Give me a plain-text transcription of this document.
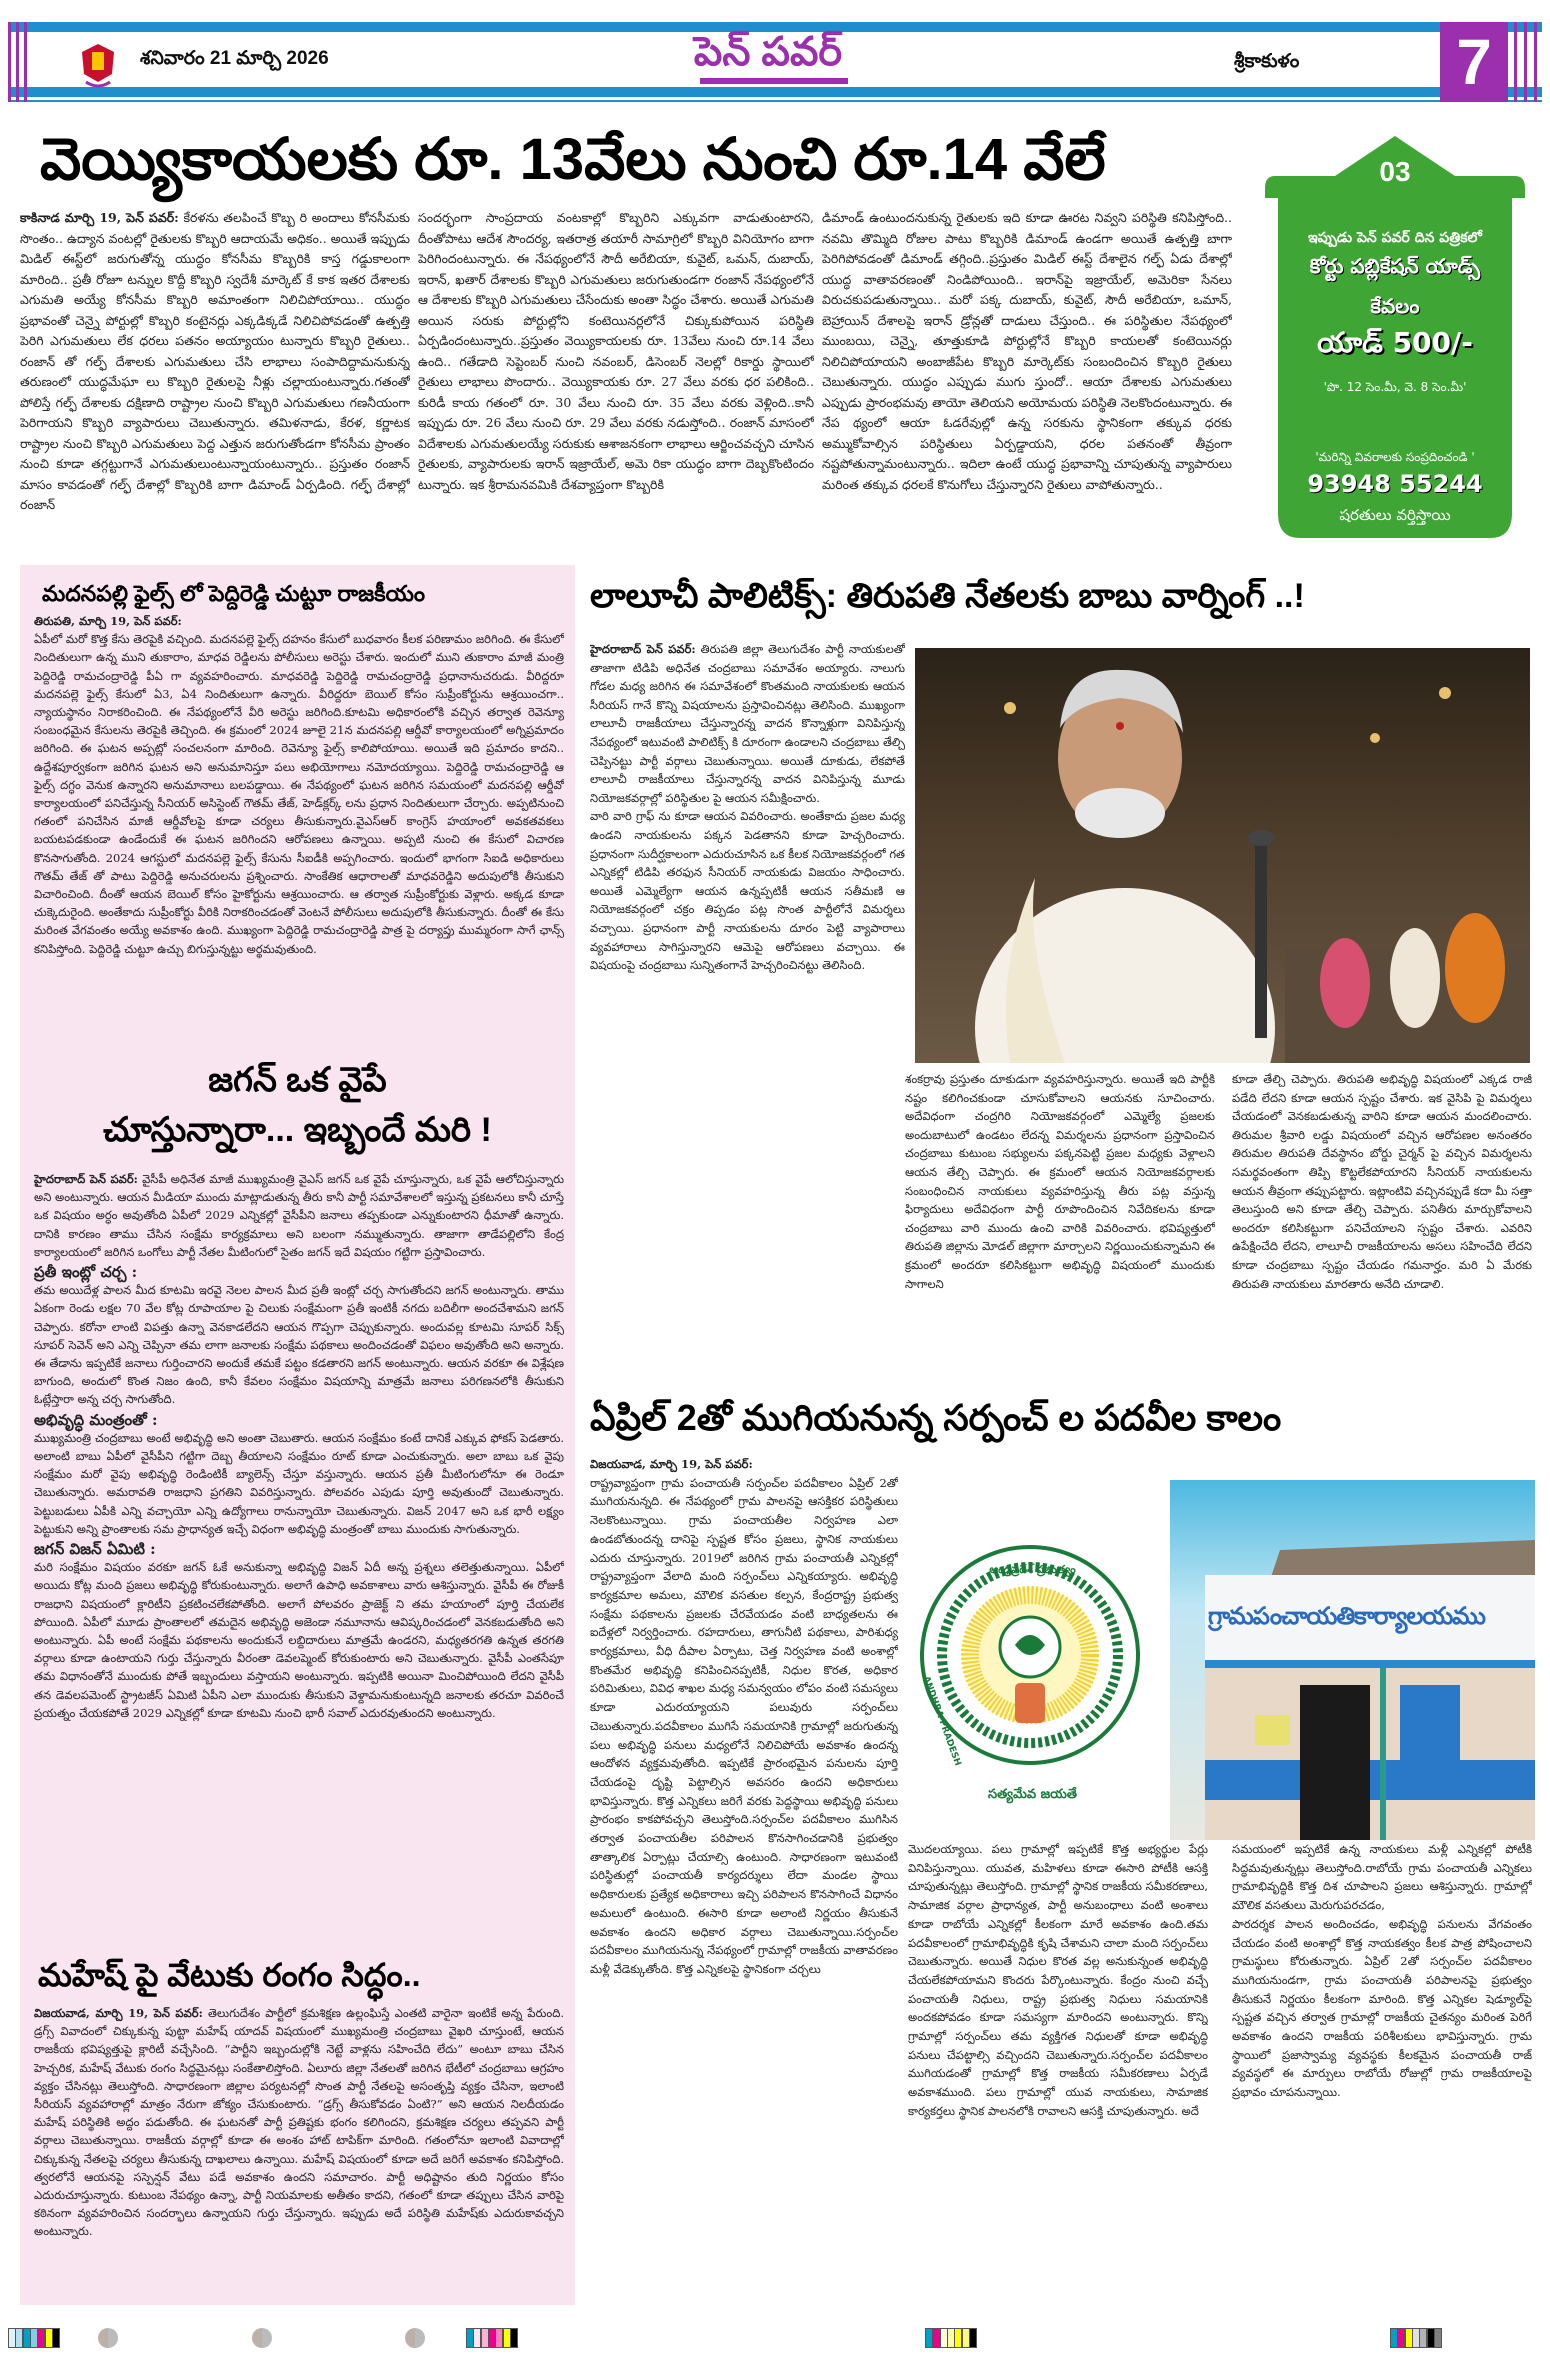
శనివారం 21 మార్చి 2026	పెన్ పవర్	శ్రీకాకుళం 7
వెయ్యికాయలకు రూ. 13వేలు నుంచి రూ.14 వేలే
కాకినాడ మార్చి 19, పెన్ పవర్: కేరళను తలపించే కొబ్బ రి అందాలు కోనసీమకు సొంతం.. ఉద్యాన వంటల్లో రైతులకు కొబ్బరి ఆదాయమే అధికం.. అయితే ఇప్పుడు మిడిల్ ఈస్ట్‌లో జరుగుతోన్న యుద్ధం కోనసీమ కొబ్బరికి కాస్త గడ్డుకాలంగా మారింది.. ప్రతీ రోజూ టన్నుల కొద్దీ కొబ్బరి స్వదేశీ మార్కెట్ కే కాక ఇతర దేశాలకు ఎగుమతి అయ్యే కోనసీమ కొబ్బరి అమాంతంగా నిలిచిపోయాయి.. యుద్ధం ప్రభావంతో చెన్నై పోర్టుల్లో కొబ్బరి కంటైనర్లు ఎక్కడిక్కడే నిలిచిపోవడంతో ఉత్పత్తి పెరిగి ఎగుమతులు లేక ధరలు పతనం అయ్యాయం టున్నారు కొబ్బరి రైతులు.. రంజాన్ తో గల్ఫ్ దేశాలకు ఎగుమతులు చేసి లాభాలు సంపాదిద్దామనుకున్న తరుణంలో యుద్ధమేఘా లు కొబ్బరి రైతులపై నీళ్లు చల్లాయంటున్నారు.గతంతో పోలిస్తే గల్ఫ్ దేశాలకు దక్షిణాది రాష్ట్రాల నుంచి కొబ్బరి ఎగుమతులు గణనీయంగా పెరిగాయని కొబ్బరి వ్యాపారులు చెబుతున్నారు. తమిళనాడు, కేరళ, కర్ణాటక రాష్ట్రాల నుంచి కొబ్బరి ఎగుమతులు పెద్ద ఎత్తున జరుగుతోండగా కోనసీమ ప్రాంతం నుంచి కూడా తగ్గట్టుగానే ఎగుమతులుంటున్నాయంటున్నారు.. ప్రస్తుతం రంజాన్ మాసం కావడంతో గల్ఫ్ దేశాల్లో కొబ్బరికి బాగా డిమాండ్ ఏర్పడింది. గల్ఫ్ దేశాల్లో రంజాన్
సందర్భంగా సాంప్రదాయ వంటకాల్లో కొబ్బరిని ఎక్కువగా వాడుతుంటారని, దీంతోపాటు ఆదేశ సౌందర్య, ఇతరాత్ర తయారీ సామాగ్రిలో కొబ్బరి వినియోగం బాగా పెరిగిందంటున్నారు. ఈ నేపథ్యంలోనే సౌదీ అరేబియా, కువైట్, ఒమన్, దుబాయ్, ఇరాన్, ఖతార్ దేశాలకు కొబ్బరి ఎగుమతులు జరుగుతుండగా రంజాన్ నేపథ్యంలోనే ఆ దేశాలకు కొబ్బరి ఎగుమతులు చేసేందుకు అంతా సిద్ధం చేశారు. అయితే ఎగుమతి అయిన సరుకు పోర్టుల్లోని కంటెయినర్లలోనే చిక్కుకుపోయిన పరిస్థితి ఏర్పడిందంటున్నారు..ప్రస్తుతం వెయ్యికాయలకు రూ. 13వేలు నుంచి రూ.14 వేలు ఉంది.. గతేడాది సెప్టెంబర్ నుంచి నవంబర్, డిసెంబర్ నెలల్లో రికార్డు స్థాయిలో రైతులు లాభాలు పొందారు.. వెయ్యికాయకు రూ. 27 వేలు వరకు ధర పలికింది.. కురిడీ కాయ గతంలో రూ. 30 వేలు నుంచి రూ. 35 వేలు వరకు వెళ్లింది..కానీ ఇప్పుడు రూ. 26 వేలు నుంచి రూ. 29 వేలు వరకు నడుస్తోంది.. రంజాన్ మాసంలో విదేశాలకు ఎగుమతులయ్యే సరుకుకు ఆశాజనకంగా లాభాలు ఆర్జించవచ్చని చూసిన రైతులకు, వ్యాపారులకు ఇరాన్ ఇజ్రాయేల్, అమె రికా యుద్ధం బాగా దెబ్బకొంటిందం టున్నారు. ఇక శ్రీరామనవమికి దేశవ్యాప్తంగా కొబ్బరికి
డిమాండ్ ఉంటుందనుకున్న రైతులకు ఇది కూడా ఊరట నివ్వని పరిస్థితి కనిపిస్తోంది.. నవమి తొమ్మిది రోజుల పాటు కొబ్బరికి డిమాండ్ ఉండగా అయితే ఉత్పత్తి బాగా పెరిగిపోవడంతో డిమాండ్ తగ్గింది..ప్రస్తుతం మిడిల్ ఈస్ట్ దేశాలైన గల్ఫ్ ఏడు దేశాల్లో యుద్ధ వాతావరణంతో నిండిపోయింది.. ఇరాన్‌పై ఇజ్రాయేల్, అమెరికా సేనలు విరుచకుపడుతున్నాయి.. మరో పక్క దుబాయ్, కువైట్, సౌదీ అరేబియా, ఒమాన్, బెహ్రాయిన్ దేశాలపై ఇరాన్ డ్రోన్లతో దాడులు చేస్తుంది.. ఈ పరిస్థితుల నేపథ్యంలో ముంబయి, చెన్నై, తూత్తుకూడి పోర్టుల్లోనే కొబ్బరి కాయలతో కంటెయినర్లు నిలిచిపోయాయని అంబాజీపేట కొబ్బరి మార్కెట్‌కు సంబందించిన కొబ్బరి రైతులు చెబుతున్నారు. యుద్ధం ఎప్పుడు ముగు స్తుందో.. ఆయా దేశాలకు ఎగుమతులు ఎప్పుడు ప్రారంభమవు తాయో తెలియని అయోమయ పరిస్థితి నెలకొందంటున్నారు. ఈ నేప థ్యంలో ఆయా ఓడరేవుల్లో ఉన్న సరకును స్థానికంగా తక్కువ ధరకు అమ్ముకోవాల్సిన పరిస్థితులు ఏర్పడ్డాయని, ధరల పతనంతో తీవ్రంగా నష్టపోతున్నామంటున్నారు.. ఇదిలా ఉంటే యుద్ధ ప్రభావాన్ని చూపుతున్న వ్యాపారులు మరింత తక్కువ ధరలకే కొనుగోలు చేస్తున్నారని రైతులు వాపోతున్నారు..
03
ఇప్పుడు పెన్ పవర్ దిన పత్రికలో
కోర్టు పబ్లికేషన్ యాడ్స్
కేవలం
యాడ్ 500/-
'పొ. 12 సెం.మీ, వె. 8 సెం.మీ'
'మరిన్ని వివరాలకు సంప్రదించండి '
93948 55244
షరతులు వర్తిస్తాయి
మదనపల్లి ఫైల్స్ లో పెద్దిరెడ్డి చుట్టూ రాజకీయం
తిరుపతి, మార్చి 19, పెన్ పవర్:
ఏపీలో మరో కొత్త కేసు తెరపైకి వచ్చింది. మదనపల్లె ఫైల్స్ దహనం కేసులో బుధవారం కీలక పరిణామం జరిగింది. ఈ కేసులో నిందితులుగా ఉన్న ముని తుకారాం, మాధవ రెడ్డిలను పోలీసులు అరెస్టు చేశారు. ఇందులో ముని తుకారాం మాజీ మంత్రి పెద్దిరెడ్డి రామచంద్రారెడ్డి పీఏ గా వ్యవహరించారు. మాధవరెడ్డి పెద్దిరెడ్డి రామచంద్రారెడ్డి ప్రధానానుచరుడు. వీరిద్దరూ మదనపల్లె ఫైల్స్ కేసులో ఏ3, ఏ4 నిందితులుగా ఉన్నారు. వీరిద్దరూ బెయిల్ కోసం సుప్రీంకోర్టును ఆశ్రయించగా.. న్యాయస్థానం నిరాకరించింది. ఈ నేపథ్యంలోనే వీరి అరెస్టు జరిగింది.కూటమి అధికారంలోకి వచ్చిన తర్వాత రెవెన్యూ సంబంధమైన కేసులను తెరపైకి తెచ్చింది. ఈ క్రమంలో 2024 జూలై 21న మదనపల్లి ఆర్డీవో కార్యాలయంలో అగ్నిప్రమాదం జరిగింది. ఈ ఘటన అప్పట్లో సంచలనంగా మారింది. రెవెన్యూ ఫైల్స్ కాలిపోయాయి. అయితే ఇది ప్రమాదం కాదని.. ఉద్దేశపూర్వకంగా జరిగిన ఘటన అని అనుమానిస్తూ పలు అభియోగాలు నమోదయ్యాయి. పెద్దిరెడ్డి రామచంద్రారెడ్డి ఆ ఫైల్స్ దగ్ధం వెనుక ఉన్నారని అనుమానాలు బలపడ్డాయి. ఈ నేపథ్యంలో ఘటన జరిగిన సమయంలో మదనపల్లి ఆర్డీవో కార్యాలయంలో పనిచేస్తున్న సీనియర్ అసిస్టెంట్ గౌతమ్ తేజ్, హెడ్‌క్లర్క్ లను ప్రధాన నిందితులుగా చేర్చారు. అప్పటినుంచి గతంలో పనిచేసిన మాజీ ఆర్డీవోలపై కూడా చర్యలు తీసుకున్నారు.వైఎస్ఆర్ కాంగ్రెస్ హయాంలో అవకతవకలు బయటపడకుండా ఉండేందుకే ఈ ఘటన జరిగిందని ఆరోపణలు ఉన్నాయి. అప్పటి నుంచి ఈ కేసులో విచారణ కొనసాగుతోంది. 2024 ఆగస్టులో మదనపల్లె ఫైల్స్ కేసును సీఐడీకి అప్పగించారు. ఇందులో భాగంగా సిఐడి అధికారులు గౌతమ్ తేజ్ తో పాటు పెద్దిరెడ్డి అనుచరులను ప్రశ్నించారు. సాంకేతిక ఆధారాలతో మాధవరెడ్డిని అదుపులోకి తీసుకుని విచారించింది. దీంతో ఆయన బెయిల్ కోసం హైకోర్టును ఆశ్రయించారు. ఆ తర్వాత సుప్రీంకోర్టుకు వెళ్లారు. అక్కడ కూడా చుక్కెదురైంది. అంతేకాదు సుప్రీంకోర్టు వీరికి నిరాకరించడంతో వెంటనే పోలీసులు అదుపులోకి తీసుకున్నారు. దీంతో ఈ కేసు మరింత వేగవంతం అయ్యే అవకాశం ఉంది. ముఖ్యంగా పెద్దిరెడ్డి రామచంద్రారెడ్డి పాత్ర పై దర్యాప్తు ముమ్మరంగా సాగే ఛాన్స్ కనిపిస్తోంది. పెద్దిరెడ్డి చుట్టూ ఉచ్చు బిగుస్తున్నట్టు అర్థమవుతుంది.
జగన్ ఒక వైపే
చూస్తున్నారా... ఇబ్బందే మరి !
హైదరాబాద్ పెన్ పవర్: వైసీపీ అధినేత మాజీ ముఖ్యమంత్రి వైఎస్ జగన్ ఒక వైపే చూస్తున్నారు, ఒక వైపే ఆలోచిస్తున్నారు అని అంటున్నారు. ఆయన మీడియా ముందు మాట్లాడుతున్న తీరు కానీ పార్టీ సమావేశాలలో ఇస్తున్న ప్రకటనలు కానీ చూస్తే ఒక విషయం అర్ధం అవుతోంది ఏపీలో 2029 ఎన్నికల్లో వైసీపీని జనాలు తప్పకుండా ఎన్నుకుంటారని ధీమాతో ఉన్నారు. దానికి కారణం తాము చేసిన సంక్షేమ కార్యక్రమాలు అని బలంగా నమ్ముతున్నారు. తాజాగా తాడేపల్లిలోని కేంద్ర కార్యాలయంలో జరిగిన ఒంగోలు పార్టీ నేతల మీటింగులో సైతం జగన్ ఇదే విషయం గట్టిగా ప్రస్తావించారు.
ప్రతీ ఇంట్లో చర్చ :
తమ అయిదేళ్ల పాలన మీద కూటమి ఇరవై నెలల పాలన మీద ప్రతీ ఇంట్లో చర్చ సాగుతోందని జగన్ అంటున్నారు. తాము ఏకంగా రెండు లక్షల 70 వేల కోట్ల రూపాయాల పై చిలుకు సంక్షేమంగా ప్రతీ ఇంటికీ నగదు బదిలీగా అందచేశామని జగన్ చెప్పారు. కరోనా లాంటి విపత్తు ఉన్నా వెనకాడలేదని ఆయన గొప్పగా చెప్పుకున్నారు. అందువల్ల కూటమి సూపర్ సిక్స్ సూపర్ సెవెన్ అని ఎన్ని చెప్పినా తమ లాగా జనాలకు సంక్షేమ పథకాలు అందించడంతో విఫలం అవుతోంది అని అన్నారు. ఈ తేడాను ఇప్పటికే జనాలు గుర్తించారని అందుకే తమకే పట్టం కడతారని జగన్ అంటున్నారు. ఆయన వరకూ ఈ విశ్లేషణ బాగుంది, అందులో కొంత నిజం ఉంది, కానీ కేవలం సంక్షేమం విషయాన్ని మాత్రమే జనాలు పరిగణనలోకి తీసుకుని ఓట్లేస్తారా అన్న చర్చ సాగుతోంది.
అభివృద్ధి మంత్రంతో :
ముఖ్యమంత్రి చంద్రబాబు అంటే అభివృద్ధి అని అంతా చెబుతారు. ఆయన సంక్షేమం కంటే దానికే ఎక్కువ ఫోకస్ పెడతారు. అలాంటి బాబు ఏపీలో వైసీపీని గట్టిగా దెబ్బ తీయాలని సంక్షేమం రూట్ కూడా ఎంచుకున్నారు. అలా బాబు ఒక వైపు సంక్షేమం మరో వైపు అభివృద్ధి రెండింటికీ బ్యాలెన్స్ చేస్తూ వస్తున్నారు. ఆయన ప్రతీ మీటింగులోనూ ఈ రెండూ చెబుతున్నారు. అమరావతి రాజధాని ప్రగతిని వివరిస్తున్నారు. పోలవరం ఎపుడు పూర్తి అవుతుందో చెబుతున్నారు. పెట్టుబడులు ఏపీకి ఎన్ని వచ్చాయో ఎన్ని ఉద్యోగాలు రానున్నాయో చెబుతున్నారు. విజన్ 2047 అని ఒక భారీ లక్ష్యం పెట్టుకుని అన్ని ప్రాంతాలకు సమ ప్రాధాన్యత ఇచ్చే విధంగా అభివృద్ధి మంత్రంతో బాబు ముందుకు సాగుతున్నారు.
జగన్ విజన్ ఏమిటి :
మరి సంక్షేమం విషయం వరకూ జగన్ ఓకే అనుకున్నా అభివృద్ధి విజన్ ఏదీ అన్న ప్రశ్నలు తలెత్తుతున్నాయి. ఏపీలో అయిదు కోట్ల మంది ప్రజలు అభివృద్ధి కోరుకుంటున్నారు. అలాగే ఉపాధి అవకాశాలు వారు ఆశిస్తున్నారు. వైసీపీ ఈ రోజుకీ రాజధాని విషయంలో క్లారిటీని ప్రకటించలేకపోతోంది. అలాగే పోలవరం ప్రాజెక్ట్ ని తమ హయాంలో పూర్తి చేయలేక పోయింది. ఏపీలో మూడు ప్రాంతాలలో తమదైన అభివృద్ధి అజెండా నమూనాను ఆవిష్కరించడంలో వెనకబడుతోంది అని అంటున్నారు. ఏపీ అంటే సంక్షేమ పథకాలను అందుకునే లబ్దిదారులు మాత్రమే ఉండరని, మధ్యతరగతి ఉన్నత తరగతి వర్గాలు కూడా ఉంటాయని గుర్తు చేస్తున్నారు వీరంతా డెవలప్మెంట్ కోరుకుంటారు అని చెబుతున్నారు. వైసీపీ ఎంతసేపూ తమ విధానంతోనే ముందుకు పోతే ఇబ్బందులు వస్తాయని అంటున్నారు. ఇప్పటికి అయినా మించిపోయింది లేదని వైసీపీ తన డెవలపమెంట్ స్ట్రాటజీస్ ఏమిటి ఏపీని ఎలా ముందుకు తీసుకుని వెళ్దామనుకుంటున్నది జనాలకు తరచూ వివరించే ప్రయత్నం చేయకపోతే 2029 ఎన్నికల్లో కూడా కూటమి నుంచి భారీ సవాల్ ఎదురవుతుందని అంటున్నారు.
మహేష్ పై వేటుకు రంగం సిద్ధం..
విజయవాడ, మార్చి 19, పెన్ పవర్: తెలుగుదేశం పార్టీలో క్రమశిక్షణ ఉల్లంఘిస్తే ఎంతటి వారైనా ఇంటికే అన్న పేరుంది. డ్రగ్స్ వివాదంలో చిక్కుకున్న పుట్టా మహేష్ యాదవ్ విషయంలో ముఖ్యమంత్రి చంద్రబాబు వైఖరి చూస్తుంటే, ఆయన రాజకీయ భవిష్యత్తుపై క్లారిటీ వచ్చేసింది. “పార్టీని ఇబ్బందుల్లోకి నెట్టే వాళ్లను సహించేది లేదు” అంటూ బాబు చేసిన హెచ్చరిక, మహేష్ వేటుకు రంగం సిద్ధమైనట్లు సంకేతాలిస్తోంది. ఏలూరు జిల్లా నేతలతో జరిగిన భేటీలో చంద్రబాబు ఆగ్రహం వ్యక్తం చేసినట్లు తెలుస్తోంది. సాధారణంగా జిల్లాల పర్యటనల్లో సొంత పార్టీ నేతలపై అసంతృప్తి వ్యక్తం చేసినా, ఇలాంటి సీరియస్ వ్యవహారాల్లో మాత్రం నేరుగా జోక్యం చేసుకుంటారు. “డ్రగ్స్ తీసుకోవడం ఏంటి?” అని ఆయన నిలదీయడం మహేష్ పరిస్థితికి అద్దం పడుతోంది. ఈ ఘటనతో పార్టీ ప్రతిష్టకు భంగం కలిగిందని, క్రమశిక్షణ చర్యలు తప్పవని పార్టీ వర్గాలు చెబుతున్నాయి. రాజకీయ వర్గాల్లో కూడా ఈ అంశం హాట్ టాపిక్‌గా మారింది. గతంలోనూ ఇలాంటి వివాదాల్లో చిక్కుకున్న నేతలపై చర్యలు తీసుకున్న దాఖలాలు ఉన్నాయి. మహేష్ విషయంలో కూడా అదే జరిగే అవకాశం కనిపిస్తోంది. త్వరలోనే ఆయనపై సస్పెన్షన్ వేటు పడే అవకాశం ఉందని సమాచారం. పార్టీ అధిష్టానం తుది నిర్ణయం కోసం ఎదురుచూస్తున్నారు. కుటుంబ నేపథ్యం ఉన్నా, పార్టీ నియమాలకు అతీతం కాదని, గతంలో కూడా తప్పులు చేసిన వారిపై కఠినంగా వ్యవహరించిన సందర్భాలు ఉన్నాయని గుర్తు చేస్తున్నారు. ఇప్పుడు అదే పరిస్థితి మహేష్‌కు ఎదురుకావచ్చని అంటున్నారు.
లాలూచీ పాలిటిక్స్: తిరుపతి నేతలకు బాబు వార్నింగ్ ..!
హైదరాబాద్ పెన్ పవర్: తిరుపతి జిల్లా తెలుగుదేశం పార్టీ నాయకులతో తాజాగా టిడిపి అధినేత చంద్రబాబు సమావేశం అయ్యారు. నాలుగు గోడల మధ్య జరిగిన ఈ సమావేశంలో కొంతమంది నాయకులకు ఆయన సీరియస్ గానే కొన్ని విషయాలను ప్రస్తావించినట్లు తెలిసింది. ముఖ్యంగా లాలూచీ రాజకీయాలు చేస్తున్నారన్న వాదన కొన్నాళ్లుగా వినిపిస్తున్న నేపథ్యంలో ఇటువంటి పాలిటిక్స్ కి దూరంగా ఉండాలని చంద్రబాబు తేల్చి చెప్పినట్టు పార్టీ వర్గాలు చెబుతున్నాయి. అయితే దూకుడు, లేకపోతే లాలూచీ రాజకీయాలు చేస్తున్నారన్న వాదన వినిపిస్తున్న మూడు నియోజకవర్గాల్లో పరిస్థితుల పై ఆయన సమీక్షించారు.
వారి వారి గ్రాఫ్ ను కూడా ఆయన వివరించారు. అంతేకాదు ప్రజల మధ్య ఉండని నాయకులను పక్కన పెడతానని కూడా హెచ్చరించారు. ప్రధానంగా సుదీర్ఘకాలంగా ఎదురుచూసిన ఒక కీలక నియోజకవర్గంలో గత ఎన్నికల్లో టిడిపి తరఫున సీనియర్ నాయకుడు విజయం సాధించారు. అయితే ఎమ్మెల్యేగా ఆయన ఉన్నప్పటికీ ఆయన సతీమణి ఆ నియోజకవర్గంలో చక్రం తిప్పడం పట్ల సొంత పార్టీలోనే విమర్శలు వచ్చాయి. ప్రధానంగా పార్టీ నాయకులను దూరం పెట్టి వ్యాపారాలు వ్యవహారాలు సాగిస్తున్నారని ఆమెపై ఆరోపణలు వచ్చాయి. ఈ విషయంపై చంద్రబాబు సున్నితంగానే హెచ్చరించినట్టు తెలిసింది.
శంకర్రావు ప్రస్తుతం దూకుడుగా వ్యవహరిస్తున్నారు. అయితే ఇది పార్టీకి నష్టం కలిగించకుండా చూసుకోవాలని ఆయనకు సూచించారు. అదేవిధంగా చంద్రగిరి నియోజకవర్గంలో ఎమ్మెల్యే ప్రజలకు అందుబాటులో ఉండటం లేదన్న విమర్శలను ప్రధానంగా ప్రస్తావించిన చంద్రబాబు కుటుంబ సభ్యులను పక్కనపెట్టి ప్రజల మధ్యకు వెళ్లాలని ఆయన తేల్చి చెప్పారు. ఈ క్రమంలో ఆయన నియోజకవర్గాలకు సంబంధించిన నాయకులు వ్యవహరిస్తున్న తీరు పట్ల వస్తున్న ఫిర్యాదులు అదేవిధంగా పార్టీ రూపొందించిన నివేదికలను కూడా చంద్రబాబు వారి ముందు ఉంచి వారికి వివరించారు. భవిష్యత్తులో తిరుపతి జిల్లాను మోడల్ జిల్లాగా మార్చాలని నిర్ణయించుకున్నామని ఈ క్రమంలో అందరూ కలిసికట్టుగా అభివృద్ధి విషయంలో ముందుకు సాగాలని
కూడా తేల్చి చెప్పారు. తిరుపతి అభివృద్ధి విషయంలో ఎక్కడ రాజీ పడేది లేదని కూడా ఆయన స్పష్టం చేశారు. ఇక వైసిపి పై విమర్శలు చేయడంలో వెనకబడుతున్న వారిని కూడా ఆయన మందలించారు. తిరుమల శ్రీవారి లడ్డు విషయంలో వచ్చిన ఆరోపణల అనంతరం తిరుమల తిరుపతి దేవస్థానం బోర్డు చైర్మన్ పై వచ్చిన విమర్శలను సమర్థవంతంగా తిప్పి కొట్టలేకపోయారని సీనియర్ నాయకులను ఆయన తీవ్రంగా తప్పుపట్టారు. ఇట్లాంటివి వచ్చినప్పుడే కదా మీ సత్తా తెలుస్తుంది అని కూడా తేల్చి చెప్పారు. పనితీరు మార్చుకోవాలని అందరూ కలిసికట్టుగా పనిచేయాలని స్పష్టం చేశారు. ఎవరిని ఉపేక్షించేది లేదని, లాలూచీ రాజకీయాలను అసలు సహించేది లేదని కూడా చంద్రబాబు స్పష్టం చేయడం గమనార్హం. మరి ఏ మేరకు తిరుపతి నాయకులు మారతారు అనేది చూడాలి.
ఏప్రిల్ 2తో ముగియనున్న సర్పంచ్ ల పదవీల కాలం
విజయవాడ, మార్చి 19, పెన్ పవర్:
రాష్ట్రవ్యాప్తంగా గ్రామ పంచాయతీ సర్పంచ్‌ల పదవీకాలం ఏప్రిల్ 2తో ముగియనున్నది. ఈ నేపథ్యంలో గ్రామ పాలనపై ఆసక్తికర పరిస్థితులు నెలకొంటున్నాయి. గ్రామ పంచాయతీల నిర్వహణ ఎలా ఉండబోతుందన్న దానిపై స్పష్టత కోసం ప్రజలు, స్థానిక నాయకులు ఎదురు చూస్తున్నారు. 2019లో జరిగిన గ్రామ పంచాయతీ ఎన్నికల్లో రాష్ట్రవ్యాప్తంగా వేలాది మంది సర్పంచ్‌లు ఎన్నికయ్యారు. అభివృద్ధి కార్యక్రమాల అమలు, మౌలిక వసతుల కల్పన, కేంద్రరాష్ట్ర ప్రభుత్వ సంక్షేమ పథకాలను ప్రజలకు చేరవేయడం వంటి బాధ్యతలను ఈ ఐదేళ్లలో నిర్వర్తించారు. రహదారులు, తాగునీటి పథకాలు, పారిశుధ్య కార్యక్రమాలు, వీధి దీపాల ఏర్పాటు, చెత్త నిర్వహణ వంటి అంశాల్లో కొంతమేర అభివృద్ధి కనిపించినప్పటికీ, నిధుల కొరత, అధికార పరిమితులు, వివిధ శాఖల మధ్య సమన్వయం లోపం వంటి సమస్యలు కూడా ఎదురయ్యాయని పలువురు సర్పంచ్‌లు చెబుతున్నారు.పదవీకాలం ముగిసే సమయానికి గ్రామాల్లో జరుగుతున్న పలు అభివృద్ధి పనులు మధ్యలోనే నిలిచిపోయే అవకాశం ఉందన్న ఆందోళన వ్యక్తమవుతోంది. ఇప్పటికే ప్రారంభమైన పనులను పూర్తి చేయడంపై దృష్టి పెట్టాల్సిన అవసరం ఉందని అధికారులు భావిస్తున్నారు. కొత్త ఎన్నికలు జరిగే వరకు పెద్దస్థాయి అభివృద్ధి పనులు ప్రారంభం కాకపోవచ్చని తెలుస్తోంది.సర్పంచ్‌ల పదవీకాలం ముగిసిన తర్వాత పంచాయతీల పరిపాలన కొనసాగించడానికి ప్రభుత్వం తాత్కాలిక ఏర్పాట్లు చేయాల్సి ఉంటుంది. సాధారణంగా ఇటువంటి పరిస్థితుల్లో పంచాయతీ కార్యదర్శులు లేదా మండల స్థాయి అధికారులకు ప్రత్యేక అధికారాలు ఇచ్చి పరిపాలన కొనసాగించే విధానం అమలులో ఉంటుంది. ఈసారి కూడా అలాంటి నిర్ణయం తీసుకునే అవకాశం ఉందని అధికార వర్గాలు చెబుతున్నాయి.సర్పంచ్‌ల పదవీకాలం ముగియనున్న నేపథ్యంలో గ్రామాల్లో రాజకీయ వాతావరణం మళ్లీ వేడెక్కుతోంది. కొత్త ఎన్నికలపై స్థానికంగా చర్చలు
ఆంధ్రప్రదేశ్ ప్రభుత్వం
ANDHRA PRADESH
సత్యమేవ జయతే
గ్రామపంచాయతికార్యాలయము
మొదలయ్యాయి. పలు గ్రామాల్లో ఇప్పటికే కొత్త అభ్యర్థుల పేర్లు వినిపిస్తున్నాయి. యువత, మహిళలు కూడా ఈసారి పోటీకి ఆసక్తి చూపుతున్నట్లు తెలుస్తోంది. గ్రామాల్లో స్థానిక రాజకీయ సమీకరణాలు, సామాజిక వర్గాల ప్రాధాన్యత, పార్టీ అనుబంధాలు వంటి అంశాలు కూడా రాబోయే ఎన్నికల్లో కీలకంగా మారే అవకాశం ఉంది.తమ పదవీకాలంలో గ్రామాభివృద్ధికి కృషి చేశామని చాలా మంది సర్పంచ్‌లు చెబుతున్నారు. అయితే నిధుల కొరత వల్ల అనుకున్నంత అభివృద్ధి చేయలేకపోయామని కొందరు పేర్కొంటున్నారు. కేంద్రం నుంచి వచ్చే పంచాయతీ నిధులు, రాష్ట్ర ప్రభుత్వ నిధులు సమయానికి అందకపోవడం కూడా సమస్యగా మారిందని అంటున్నారు. కొన్ని గ్రామాల్లో సర్పంచ్‌లు తమ వ్యక్తిగత నిధులతో కూడా అభివృద్ధి పనులు చేపట్టాల్సి వచ్చిందని చెబుతున్నారు.సర్పంచ్‌ల పదవీకాలం ముగియడంతో గ్రామాల్లో కొత్త రాజకీయ సమీకరణాలు ఏర్పడే అవకాశముంది. పలు గ్రామాల్లో యువ నాయకులు, సామాజిక కార్యకర్తలు స్థానిక పాలనలోకి రావాలని ఆసక్తి చూపుతున్నారు. అదే
సమయంలో ఇప్పటికే ఉన్న నాయకులు మళ్లీ ఎన్నికల్లో పోటీకి సిద్ధమవుతున్నట్లు తెలుస్తోంది.రాబోయే గ్రామ పంచాయతీ ఎన్నికలు గ్రామాభివృద్ధికి కొత్త దిశ చూపాలని ప్రజలు ఆశిస్తున్నారు. గ్రామాల్లో మౌలిక వసతులు మెరుగుపరచడం,
పారదర్శక పాలన అందించడం, అభివృద్ధి పనులను వేగవంతం చేయడం వంటి అంశాల్లో కొత్త నాయకత్వం కీలక పాత్ర పోషించాలని గ్రామస్థులు కోరుతున్నారు. ఏప్రిల్ 2తో సర్పంచ్‌ల పదవీకాలం ముగియనుండగా, గ్రామ పంచాయతీ పరిపాలనపై ప్రభుత్వం తీసుకునే నిర్ణయం కీలకంగా మారింది. కొత్త ఎన్నికల షెడ్యూల్‌పై స్పష్టత వచ్చిన తర్వాత గ్రామాల్లో రాజకీయ చైతన్యం మరింత పెరిగే అవకాశం ఉందని రాజకీయ పరిశీలకులు భావిస్తున్నారు. గ్రామ స్థాయిలో ప్రజాస్వామ్య వ్యవస్థకు కీలకమైన పంచాయతీ రాజ్ వ్యవస్థలో ఈ మార్పులు రాబోయే రోజుల్లో గ్రామ రాజకీయాలపై ప్రభావం చూపనున్నాయి.
